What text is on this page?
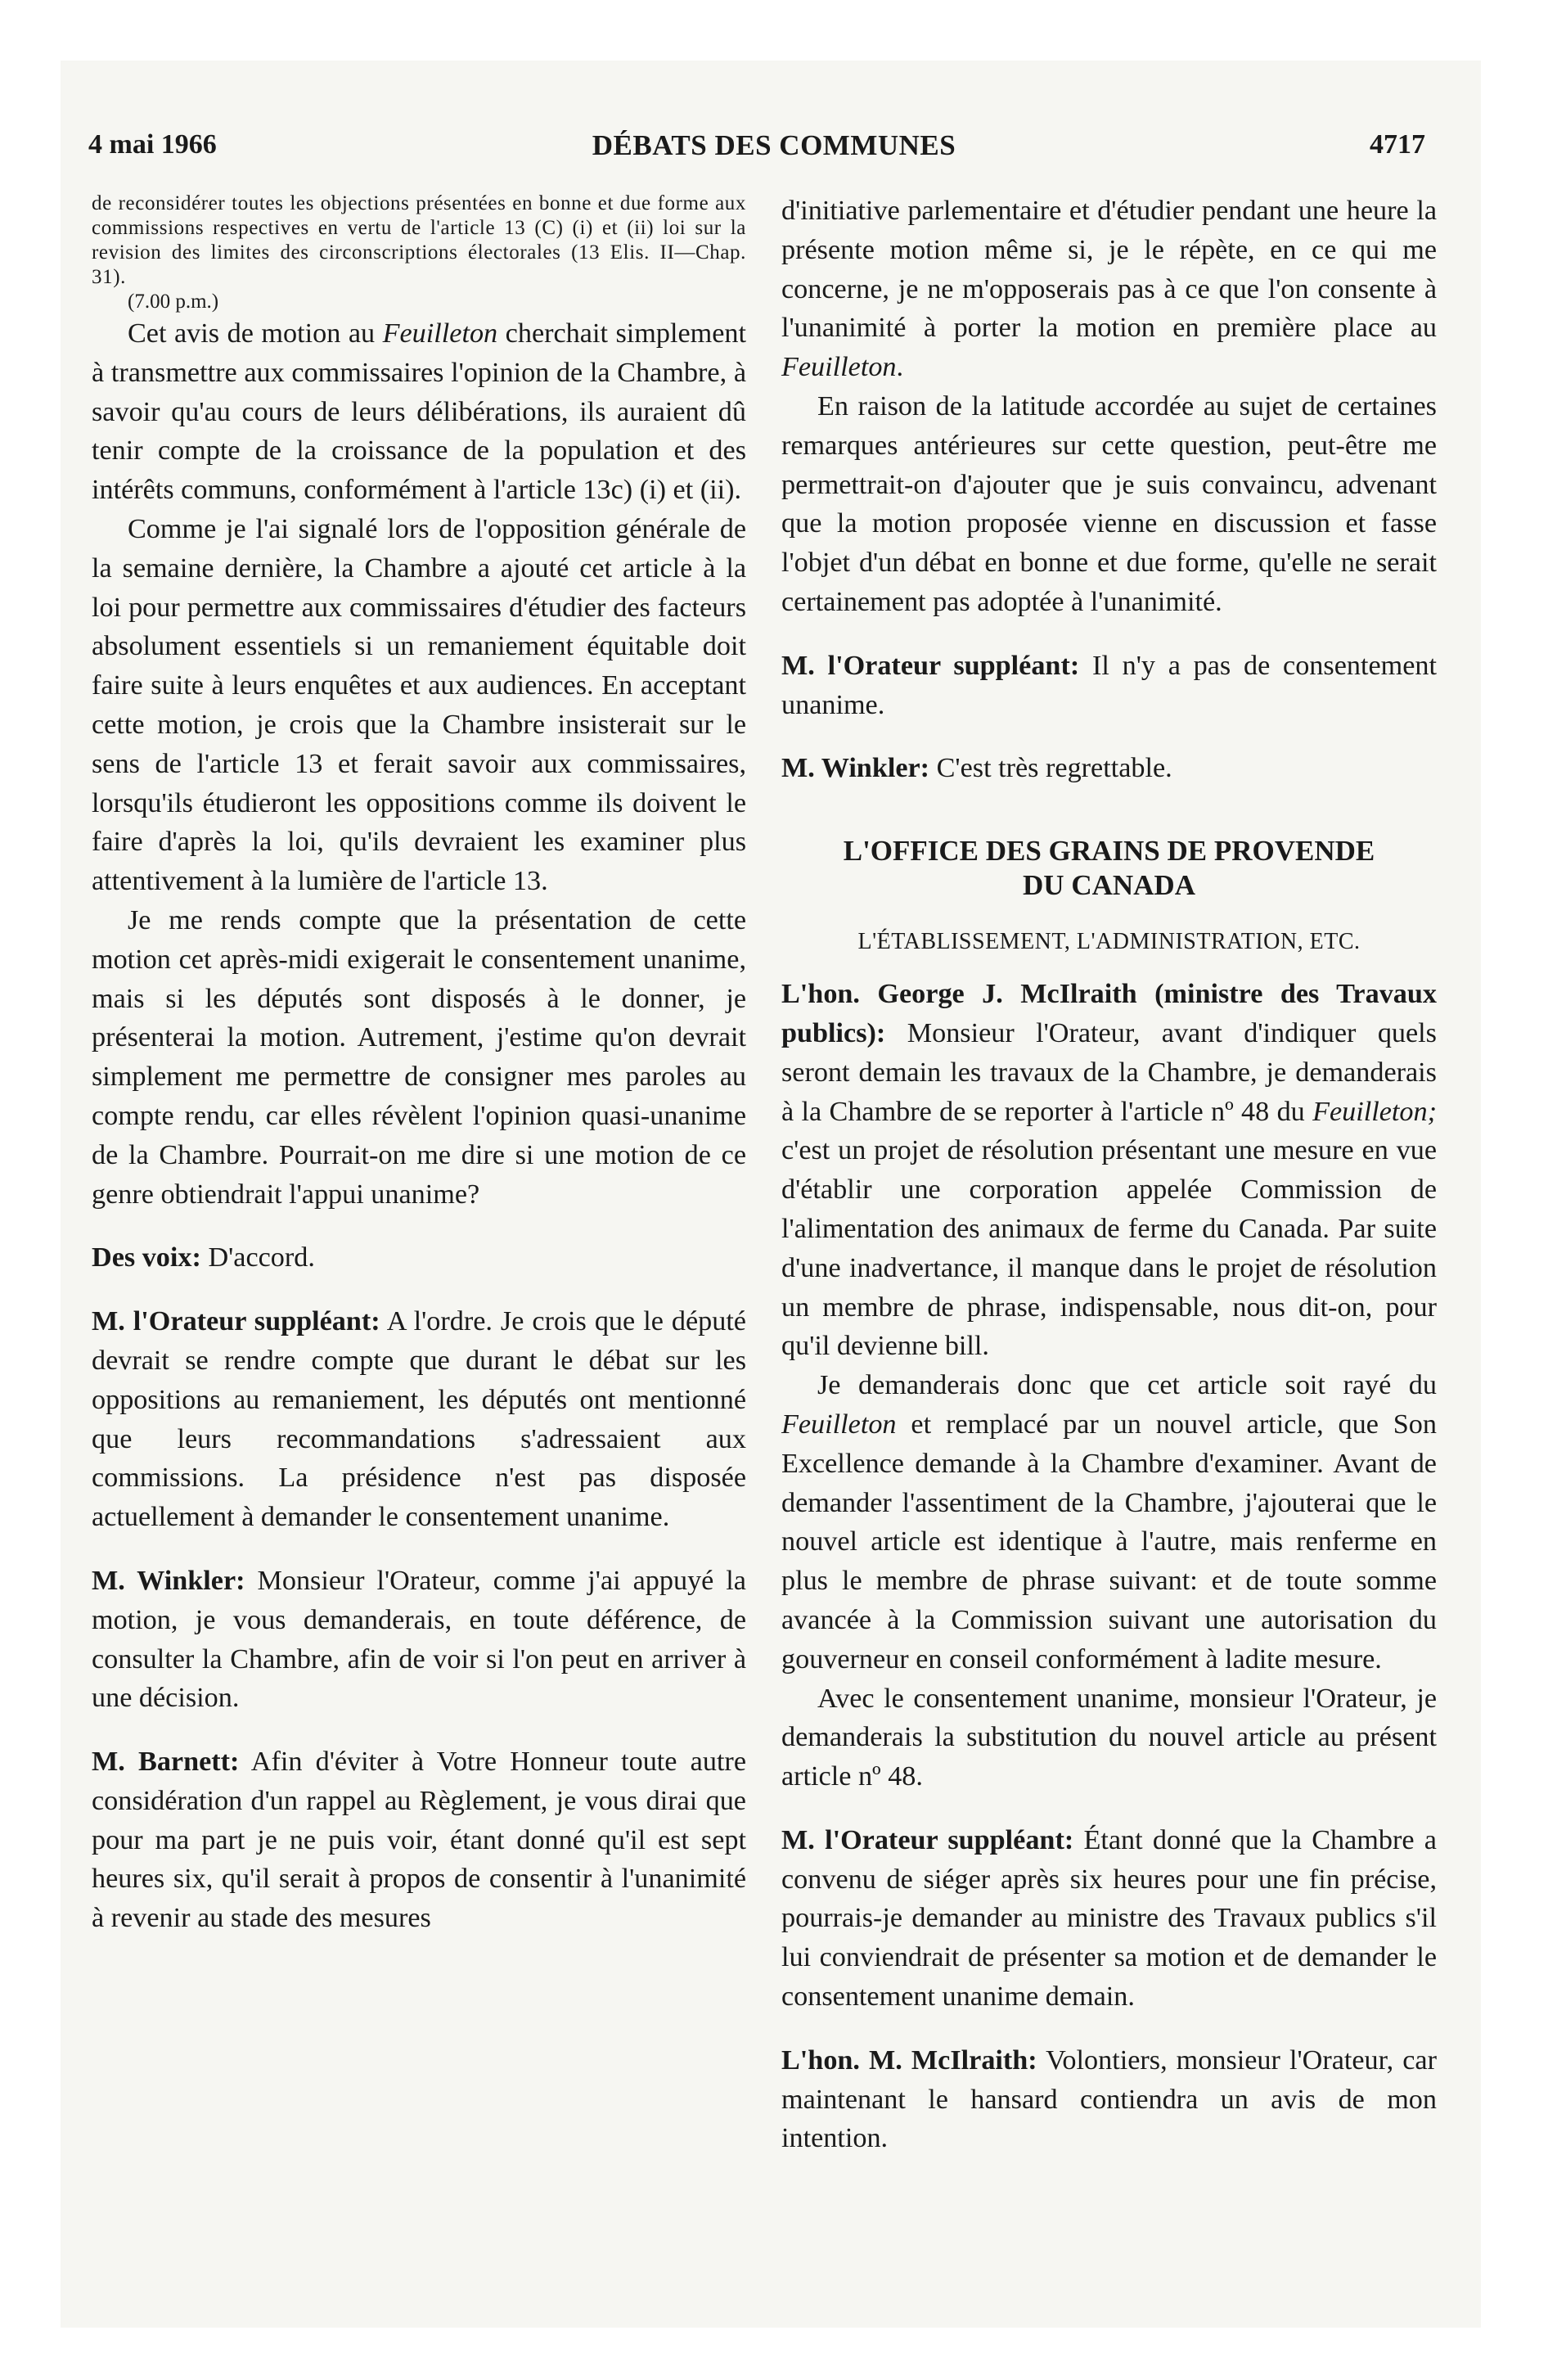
4 mai 1966	DÉBATS DES COMMUNES	4717

de reconsidérer toutes les objections présentées en bonne et due forme aux commissions respectives en vertu de l'article 13 (C) (i) et (ii) loi sur la revision des limites des circonscriptions électorales (13 Elis. II—Chap. 31).

(7.00 p.m.)

Cet avis de motion au Feuilleton cherchait simplement à transmettre aux commissaires l'opinion de la Chambre, à savoir qu'au cours de leurs délibérations, ils auraient dû tenir compte de la croissance de la population et des intérêts communs, conformément à l'article 13c) (i) et (ii).

Comme je l'ai signalé lors de l'opposition générale de la semaine dernière, la Chambre a ajouté cet article à la loi pour permettre aux commissaires d'étudier des facteurs absolument essentiels si un remaniement équitable doit faire suite à leurs enquêtes et aux audiences. En acceptant cette motion, je crois que la Chambre insisterait sur le sens de l'article 13 et ferait savoir aux commissaires, lorsqu'ils étudieront les oppositions comme ils doivent le faire d'après la loi, qu'ils devraient les examiner plus attentivement à la lumière de l'article 13.

Je me rends compte que la présentation de cette motion cet après-midi exigerait le consentement unanime, mais si les députés sont disposés à le donner, je présenterai la motion. Autrement, j'estime qu'on devrait simplement me permettre de consigner mes paroles au compte rendu, car elles révèlent l'opinion quasi-unanime de la Chambre. Pourrait-on me dire si une motion de ce genre obtiendrait l'appui unanime?

Des voix: D'accord.

M. l'Orateur suppléant: A l'ordre. Je crois que le député devrait se rendre compte que durant le débat sur les oppositions au remaniement, les députés ont mentionné que leurs recommandations s'adressaient aux commissions. La présidence n'est pas disposée actuellement à demander le consentement unanime.

M. Winkler: Monsieur l'Orateur, comme j'ai appuyé la motion, je vous demanderais, en toute déférence, de consulter la Chambre, afin de voir si l'on peut en arriver à une décision.

M. Barnett: Afin d'éviter à Votre Honneur toute autre considération d'un rappel au Règlement, je vous dirai que pour ma part je ne puis voir, étant donné qu'il est sept heures six, qu'il serait à propos de consentir à l'unanimité à revenir au stade des mesures

d'initiative parlementaire et d'étudier pendant une heure la présente motion même si, je le répète, en ce qui me concerne, je ne m'opposerais pas à ce que l'on consente à l'unanimité à porter la motion en première place au Feuilleton.

En raison de la latitude accordée au sujet de certaines remarques antérieures sur cette question, peut-être me permettrait-on d'ajouter que je suis convaincu, advenant que la motion proposée vienne en discussion et fasse l'objet d'un débat en bonne et due forme, qu'elle ne serait certainement pas adoptée à l'unanimité.

M. l'Orateur suppléant: Il n'y a pas de consentement unanime.

M. Winkler: C'est très regrettable.

L'OFFICE DES GRAINS DE PROVENDE
DU CANADA
L'ÉTABLISSEMENT, L'ADMINISTRATION, ETC.

L'hon. George J. McIlraith (ministre des Travaux publics): Monsieur l'Orateur, avant d'indiquer quels seront demain les travaux de la Chambre, je demanderais à la Chambre de se reporter à l'article nº 48 du Feuilleton; c'est un projet de résolution présentant une mesure en vue d'établir une corporation appelée Commission de l'alimentation des animaux de ferme du Canada. Par suite d'une inadvertance, il manque dans le projet de résolution un membre de phrase, indispensable, nous dit-on, pour qu'il devienne bill.

Je demanderais donc que cet article soit rayé du Feuilleton et remplacé par un nouvel article, que Son Excellence demande à la Chambre d'examiner. Avant de demander l'assentiment de la Chambre, j'ajouterai que le nouvel article est identique à l'autre, mais renferme en plus le membre de phrase suivant: et de toute somme avancée à la Commission suivant une autorisation du gouverneur en conseil conformément à ladite mesure.

Avec le consentement unanime, monsieur l'Orateur, je demanderais la substitution du nouvel article au présent article nº 48.

M. l'Orateur suppléant: Étant donné que la Chambre a convenu de siéger après six heures pour une fin précise, pourrais-je demander au ministre des Travaux publics s'il lui conviendrait de présenter sa motion et de demander le consentement unanime demain.

L'hon. M. McIlraith: Volontiers, monsieur l'Orateur, car maintenant le hansard contiendra un avis de mon intention.
